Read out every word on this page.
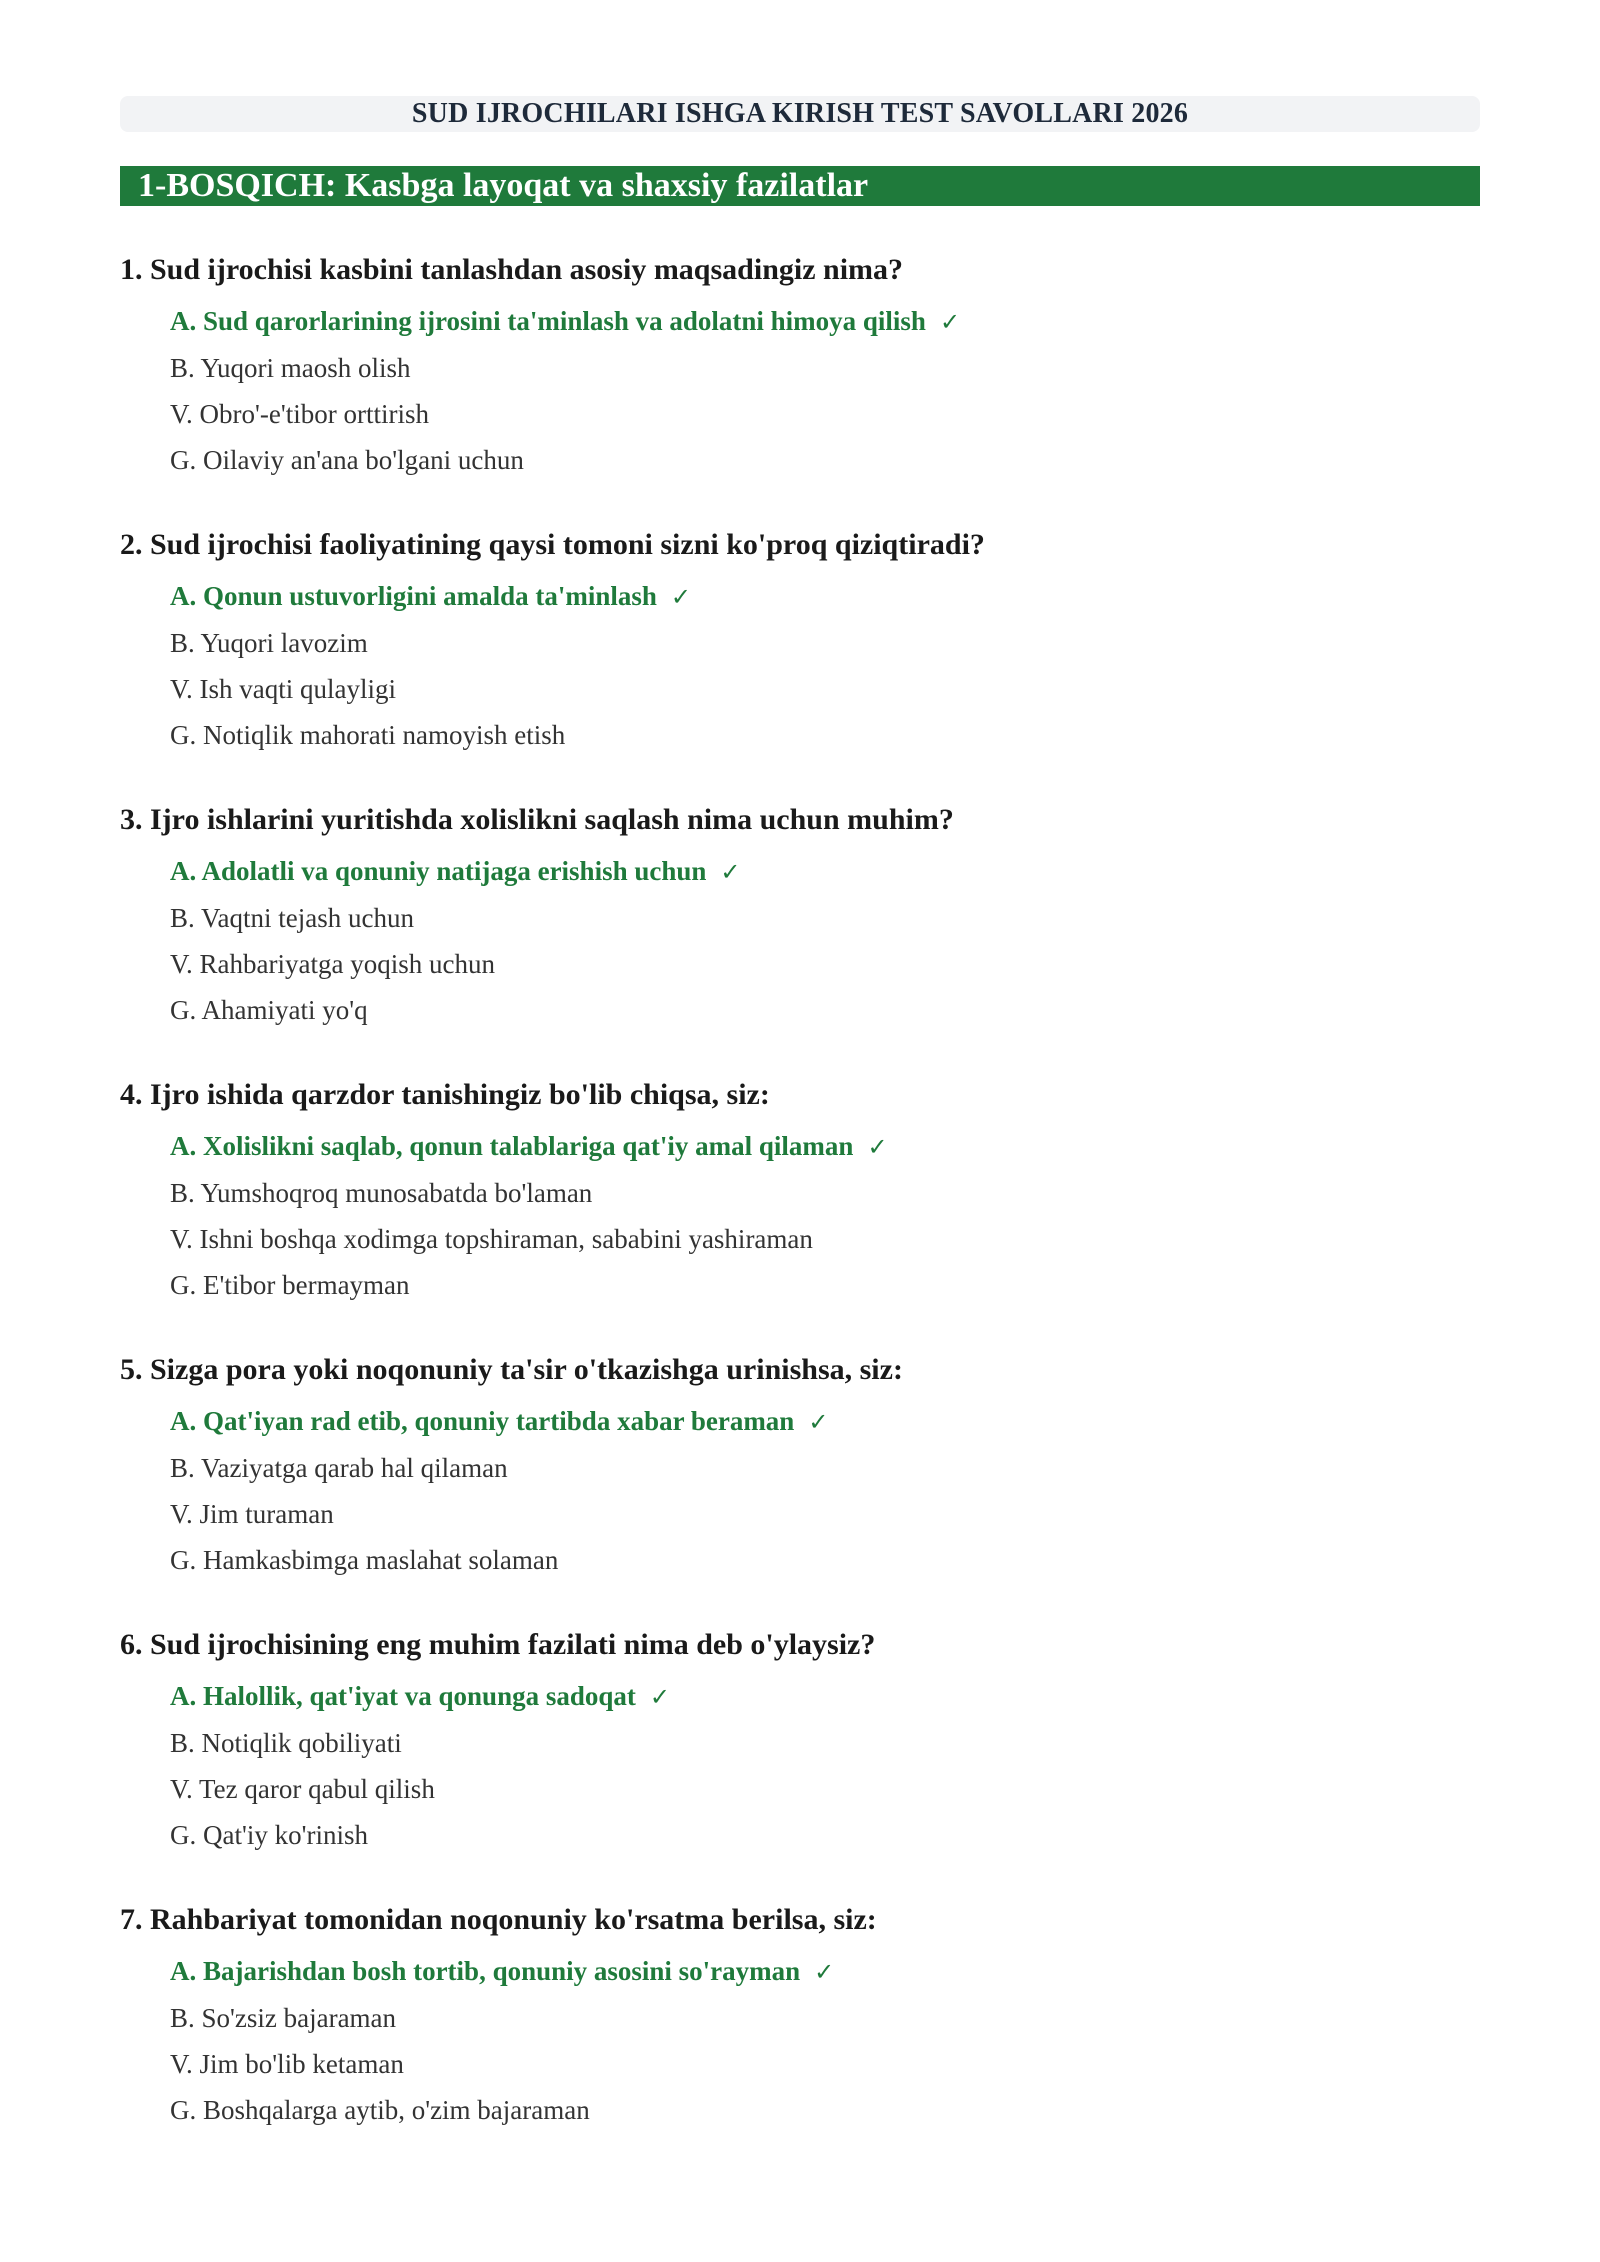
SUD IJROCHILARI ISHGA KIRISH TEST SAVOLLARI 2026
1-BOSQICH: Kasbga layoqat va shaxsiy fazilatlar
1. Sud ijrochisi kasbini tanlashdan asosiy maqsadingiz nima?
A. Sud qarorlarining ijrosini ta'minlash va adolatni himoya qilish ✓
B. Yuqori maosh olish
V. Obro'-e'tibor orttirish
G. Oilaviy an'ana bo'lgani uchun
2. Sud ijrochisi faoliyatining qaysi tomoni sizni ko'proq qiziqtiradi?
A. Qonun ustuvorligini amalda ta'minlash ✓
B. Yuqori lavozim
V. Ish vaqti qulayligi
G. Notiqlik mahorati namoyish etish
3. Ijro ishlarini yuritishda xolislikni saqlash nima uchun muhim?
A. Adolatli va qonuniy natijaga erishish uchun ✓
B. Vaqtni tejash uchun
V. Rahbariyatga yoqish uchun
G. Ahamiyati yo'q
4. Ijro ishida qarzdor tanishingiz bo'lib chiqsa, siz:
A. Xolislikni saqlab, qonun talablariga qat'iy amal qilaman ✓
B. Yumshoqroq munosabatda bo'laman
V. Ishni boshqa xodimga topshiraman, sababini yashiraman
G. E'tibor bermayman
5. Sizga pora yoki noqonuniy ta'sir o'tkazishga urinishsa, siz:
A. Qat'iyan rad etib, qonuniy tartibda xabar beraman ✓
B. Vaziyatga qarab hal qilaman
V. Jim turaman
G. Hamkasbimga maslahat solaman
6. Sud ijrochisining eng muhim fazilati nima deb o'ylaysiz?
A. Halollik, qat'iyat va qonunga sadoqat ✓
B. Notiqlik qobiliyati
V. Tez qaror qabul qilish
G. Qat'iy ko'rinish
7. Rahbariyat tomonidan noqonuniy ko'rsatma berilsa, siz:
A. Bajarishdan bosh tortib, qonuniy asosini so'rayman ✓
B. So'zsiz bajaraman
V. Jim bo'lib ketaman
G. Boshqalarga aytib, o'zim bajaraman
